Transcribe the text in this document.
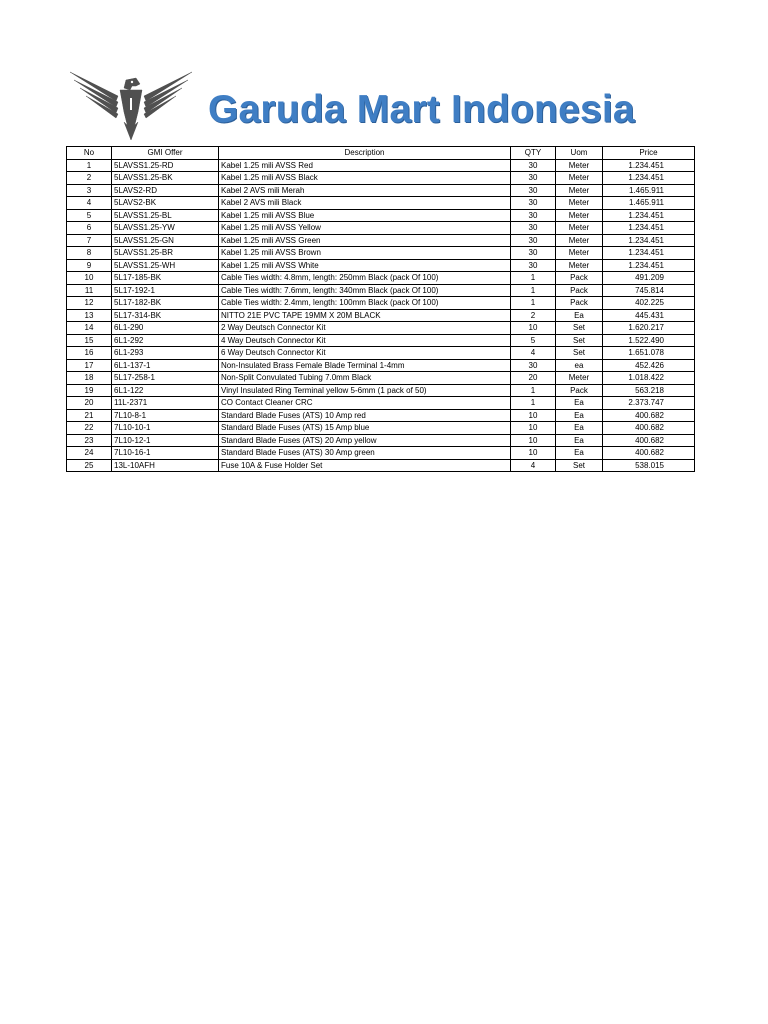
Garuda Mart Indonesia
No	GMI Offer	Description	QTY	Uom	Price
1	5LAVSS1.25-RD	Kabel 1.25 mili AVSS Red	30	Meter	1.234.451
2	5LAVSS1.25-BK	Kabel 1.25 mili AVSS Black	30	Meter	1.234.451
3	5LAVS2-RD	Kabel 2 AVS mili Merah	30	Meter	1.465.911
4	5LAVS2-BK	Kabel 2 AVS mili Black	30	Meter	1.465.911
5	5LAVSS1.25-BL	Kabel 1.25 mili AVSS Blue	30	Meter	1.234.451
6	5LAVSS1.25-YW	Kabel 1.25 mili AVSS Yellow	30	Meter	1.234.451
7	5LAVSS1.25-GN	Kabel 1.25 mili AVSS Green	30	Meter	1.234.451
8	5LAVSS1.25-BR	Kabel 1.25 mili AVSS Brown	30	Meter	1.234.451
9	5LAVSS1.25-WH	Kabel 1.25 mili AVSS White	30	Meter	1.234.451
10	5L17-185-BK	Cable Ties width: 4.8mm, length: 250mm Black (pack Of 100)	1	Pack	491.209
11	5L17-192-1	Cable Ties width: 7.6mm, length: 340mm Black (pack Of 100)	1	Pack	745.814
12	5L17-182-BK	Cable Ties width: 2.4mm, length: 100mm Black (pack Of 100)	1	Pack	402.225
13	5L17-314-BK	NITTO 21E PVC TAPE 19MM X 20M BLACK	2	Ea	445.431
14	6L1-290	2 Way Deutsch Connector Kit	10	Set	1.620.217
15	6L1-292	4 Way Deutsch Connector Kit	5	Set	1.522.490
16	6L1-293	6 Way Deutsch Connector Kit	4	Set	1.651.078
17	6L1-137-1	Non-Insulated Brass Female Blade Terminal 1-4mm	30	ea	452.426
18	5L17-258-1	Non-Split Convulated Tubing 7.0mm Black	20	Meter	1.018.422
19	6L1-122	Vinyl Insulated Ring Terminal yellow 5-6mm (1 pack of 50)	1	Pack	563.218
20	11L-2371	CO Contact Cleaner CRC	1	Ea	2.373.747
21	7L10-8-1	Standard Blade Fuses (ATS) 10 Amp red	10	Ea	400.682
22	7L10-10-1	Standard Blade Fuses (ATS) 15 Amp blue	10	Ea	400.682
23	7L10-12-1	Standard Blade Fuses (ATS) 20 Amp yellow	10	Ea	400.682
24	7L10-16-1	Standard Blade Fuses (ATS) 30 Amp green	10	Ea	400.682
25	13L-10AFH	Fuse 10A & Fuse Holder Set	4	Set	538.015
